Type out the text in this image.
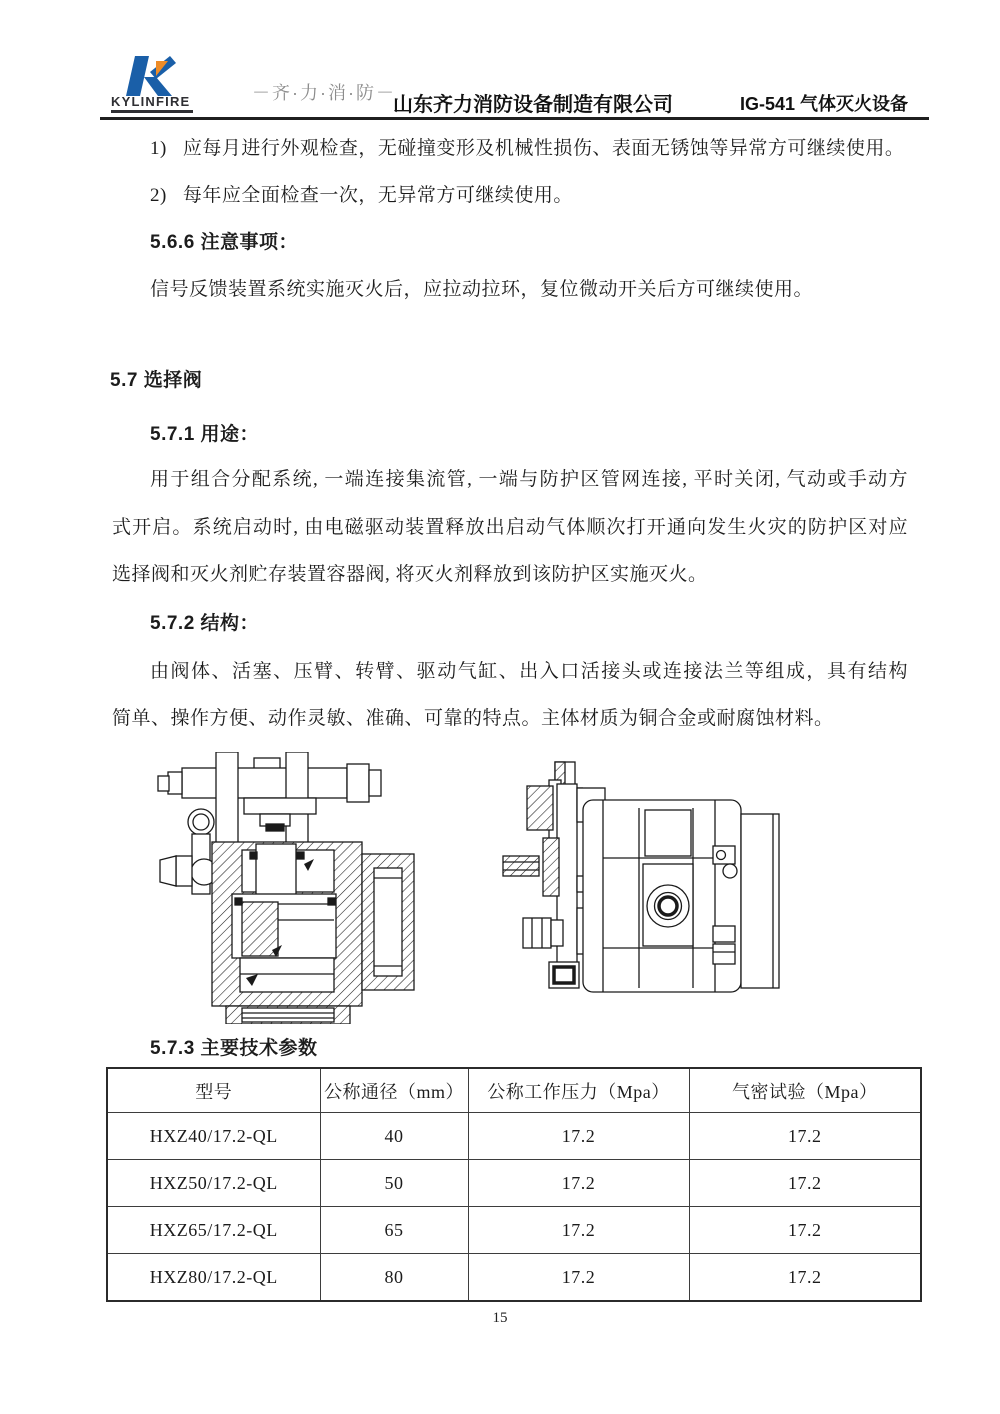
KYLINFIRE	－齐·力·消·防－
山东齐力消防设备制造有限公司	IG-541 气体灭火设备
1) 应每月进行外观检查，无碰撞变形及机械性损伤、表面无锈蚀等异常方可继续使用。
2) 每年应全面检查一次，无异常方可继续使用。
5.6.6 注意事项：
信号反馈装置系统实施灭火后，应拉动拉环，复位微动开关后方可继续使用。
5.7 选择阀
5.7.1 用途：
用于组合分配系统, 一端连接集流管, 一端与防护区管网连接, 平时关闭, 气动或手动方
式开启。系统启动时, 由电磁驱动装置释放出启动气体顺次打开通向发生火灾的防护区对应
选择阀和灭火剂贮存装置容器阀, 将灭火剂释放到该防护区实施灭火。
5.7.2 结构：
由阀体、活塞、压臂、转臂、驱动气缸、出入口活接头或连接法兰等组成，具有结构
简单、操作方便、动作灵敏、准确、可靠的特点。主体材质为铜合金或耐腐蚀材料。
5.7.3 主要技术参数
型号	公称通径（mm）	公称工作压力（Mpa）	气密试验（Mpa）
HXZ40/17.2-QL	40	17.2	17.2
HXZ50/17.2-QL	50	17.2	17.2
HXZ65/17.2-QL	65	17.2	17.2
HXZ80/17.2-QL	80	17.2	17.2
15
